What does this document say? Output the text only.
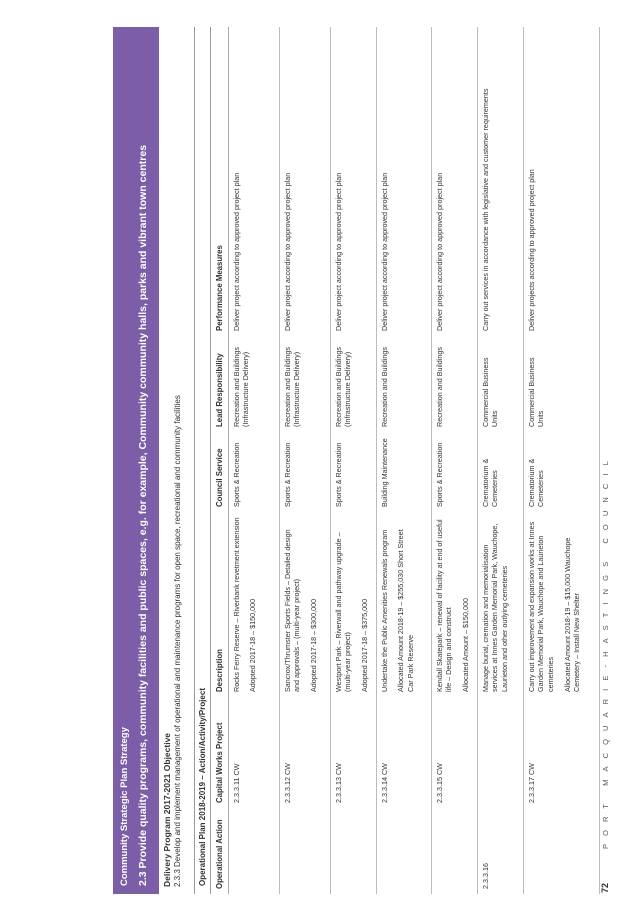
72
PORT MACQUARIE-HASTINGS COUNCIL
Community Strategic Plan Strategy 2.3 Provide quality programs, community facilities and public spaces, e.g. for example, Community community halls, parks and vibrant town centres Delivery Program 2017-2021 Objective 2.3.3 Develop and implement management of operational and maintenance programs for open space, recreational and community facilities	Operational Plan 2018-2019 – Action/Activity/Project	Operational Action	Capital Works Project	Description	Council Service	Lead Responsibility	Performance Measures
	2.3.3.11 CW	Rocks Ferry Reserve – Riverbank revetment extension Adopted 2017-18 – $150,000	Sports & Recreation	Recreation and Buildings (Infrastructure Delivery)	Deliver project according to approved project plan
	2.3.3.12 CW	Sancrox/Thrumster Sports Fields – Detailed design and approvals – (multi-year project) Adopted 2017-18 – $300,000	Sports & Recreation	Recreation and Buildings (Infrastructure Delivery)	Deliver project according to approved project plan
	2.3.3.13 CW	Westport Park – Riverwall and pathway upgrade – (multi-year project) Adopted 2017-18 – $375,000	Sports & Recreation	Recreation and Buildings (Infrastructure Delivery)	Deliver project according to approved project plan
	2.3.3.14 CW	Undertake the Public Amenities Renewals program Allocated Amount 2018-19 – $255,030 Short Street Car Park Reserve	Building Maintenance	Recreation and Buildings	Deliver project according to approved project plan
	2.3.3.15 CW	Kendall Skatepark – renewal of facility at end of useful life – Design and construct Allocated Amount – $150,000	Sports & Recreation	Recreation and Buildings	Deliver project according to approved project plan
2.3.3.16		Manage burial, cremation and memorialisation services at Innes Garden Memorial Park, Wauchope, Laurieton and other outlying cemeteries	Crematorium & Cemeteries	Commercial Business Units	Carry out services in accordance with legislative and customer requirements
	2.3.3.17 CW	Carry out improvement and expansion works at Innes Garden Memorial Park, Wauchope and Laurieton cemeteries Allocated Amount 2018-19 – $15,000 Wauchope Cemetery – Install New Shelter	Crematorium & Cemeteries	Commercial Business Units	Deliver projects according to approved project plan
